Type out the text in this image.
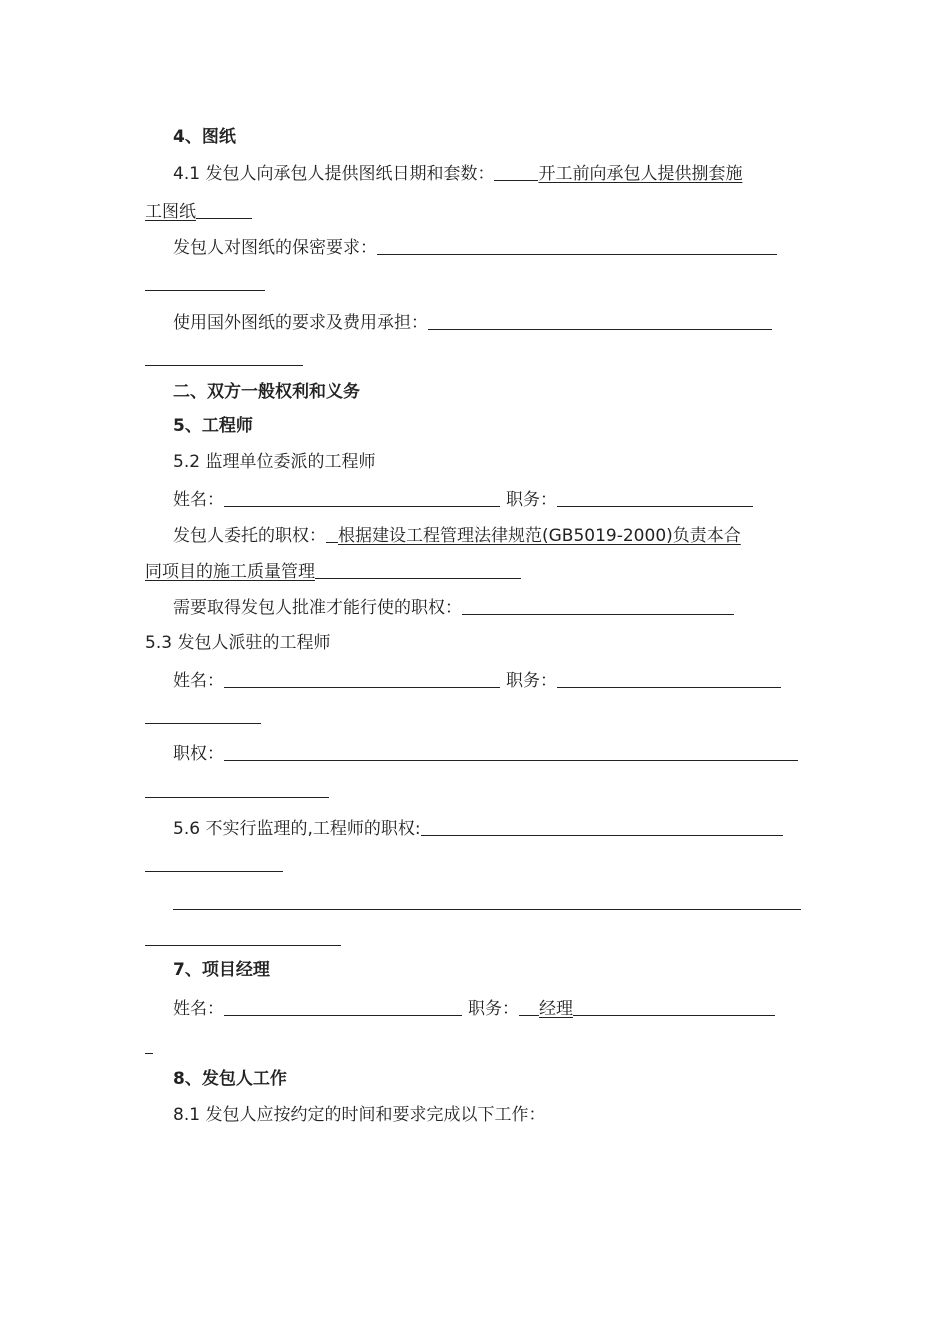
4、图纸
4.1 发包人向承包人提供图纸日期和套数：	开工前向承包人提供捌套施
工图纸
发包人对图纸的保密要求：
使用国外图纸的要求及费用承担：
二、双方一般权利和义务
5、工程师
5.2 监理单位委派的工程师
姓名：	职务：
发包人委托的职权： 根据建设工程管理法律规范(GB5019-2000)负责本合
同项目的施工质量管理
需要取得发包人批准才能行使的职权：
5.3 发包人派驻的工程师
姓名：	职务：
职权：
5.6 不实行监理的,工程师的职权:
7、项目经理
姓名：	职务： 经理
8、发包人工作
8.1 发包人应按约定的时间和要求完成以下工作：
